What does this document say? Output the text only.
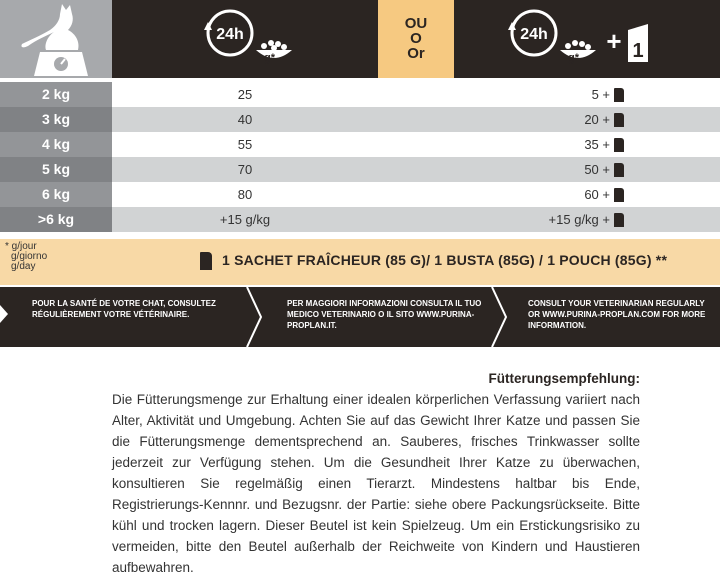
24h
g*
OU
O
Or
24h + 1
g*
2 kg	25	5 +
3 kg	40	20 +
4 kg	55	35 +
5 kg	70	50 +
6 kg	80	60 +
>6 kg	+15 g/kg	+15 g/kg +
* g/jour
g/giorno
g/day	1 SACHET FRAÎCHEUR (85 G)/ 1 BUSTA (85G) / 1 POUCH (85G) **
POUR LA SANTÉ DE VOTRE CHAT, CONSULTEZ RÉGULIÈREMENT VOTRE VÉTÉRINAIRE.
PER MAGGIORI INFORMAZIONI CONSULTA IL TUO MEDICO VETERINARIO O IL SITO WWW.PURINA-PROPLAN.IT.
CONSULT YOUR VETERINARIAN REGULARLY OR WWW.PURINA-PROPLAN.COM FOR MORE INFORMATION.
Fütterungsempfehlung:
Die Fütterungsmenge zur Erhaltung einer idealen körperlichen Verfassung variiert nach Alter, Aktivität und Umgebung. Achten Sie auf das Gewicht Ihrer Katze und passen Sie die Fütterungsmenge dementsprechend an. Sauberes, frisches Trinkwasser sollte jederzeit zur Verfügung stehen. Um die Gesundheit Ihrer Katze zu überwachen, konsultieren Sie regelmäßig einen Tierarzt. Mindestens haltbar bis Ende, Registrierungs-Kennnr. und Bezugsnr. der Partie: siehe obere Packungsrückseite. Bitte kühl und trocken lagern. Dieser Beutel ist kein Spielzeug. Um ein Erstickungsrisiko zu vermeiden, bitte den Beutel außerhalb der Reichweite von Kindern und Haustieren aufbewahren.
